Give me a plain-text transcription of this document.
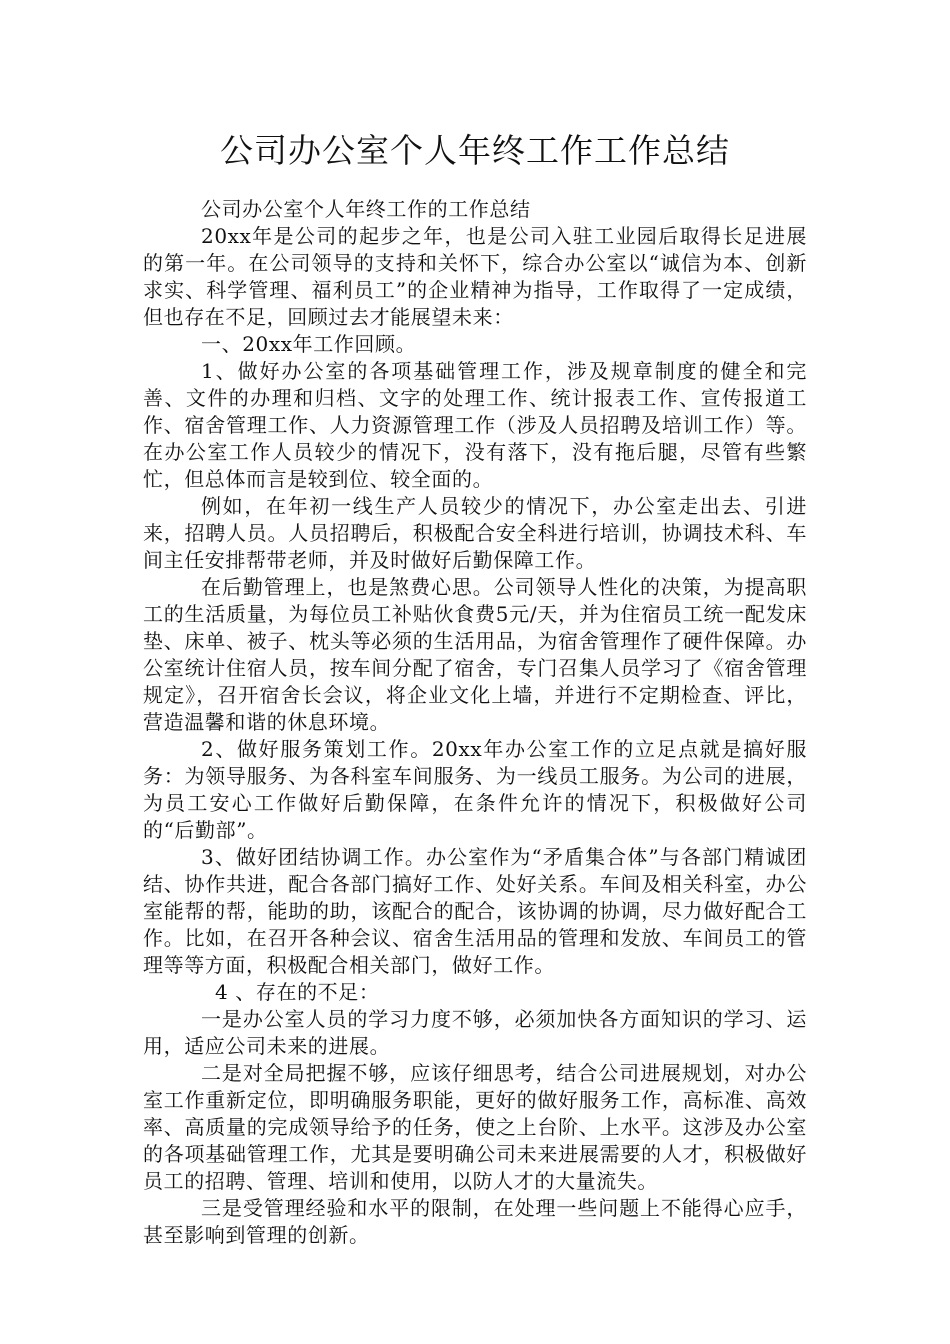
公司办公室个人年终工作工作总结

公司办公室个人年终工作的工作总结

20xx年是公司的起步之年，也是公司入驻工业园后取得长足进展的第一年。在公司领导的支持和关怀下，综合办公室以“诚信为本、创新求实、科学管理、福利员工”的企业精神为指导，工作取得了一定成绩，但也存在不足，回顾过去才能展望未来：

一、20xx年工作回顾。

1、做好办公室的各项基础管理工作，涉及规章制度的健全和完善、文件的办理和归档、文字的处理工作、统计报表工作、宣传报道工作、宿舍管理工作、人力资源管理工作（涉及人员招聘及培训工作）等。在办公室工作人员较少的情况下，没有落下，没有拖后腿，尽管有些繁忙，但总体而言是较到位、较全面的。

例如，在年初一线生产人员较少的情况下，办公室走出去、引进来，招聘人员。人员招聘后，积极配合安全科进行培训，协调技术科、车间主任安排帮带老师，并及时做好后勤保障工作。

在后勤管理上，也是煞费心思。公司领导人性化的决策，为提高职工的生活质量，为每位员工补贴伙食费5元/天，并为住宿员工统一配发床垫、床单、被子、枕头等必须的生活用品，为宿舍管理作了硬件保障。办公室统计住宿人员，按车间分配了宿舍，专门召集人员学习了《宿舍管理规定》，召开宿舍长会议，将企业文化上墙，并进行不定期检查、评比， 营造温馨和谐的休息环境。

2、做好服务策划工作。20xx年办公室工作的立足点就是搞好服务：为领导服务、为各科室车间服务、为一线员工服务。为公司的进展，为员工安心工作做好后勤保障，在条件允许的情况下，积极做好公司的“后勤部”。

3、做好团结协调工作。办公室作为“矛盾集合体”与各部门精诚团结、协作共进，配合各部门搞好工作、处好关系。车间及相关科室，办公室能帮的帮，能助的助，该配合的配合，该协调的协调，尽力做好配合工作。比如，在召开各种会议、宿舍生活用品的管理和发放、车间员工的管理等等方面，积极配合相关部门，做好工作。

4 、存在的不足：

一是办公室人员的学习力度不够，必须加快各方面知识的学习、运用，适应公司未来的进展。

二是对全局把握不够，应该仔细思考，结合公司进展规划，对办公室工作重新定位，即明确服务职能，更好的做好服务工作，高标准、高效率、高质量的完成领导给予的任务，使之上台阶、上水平。这涉及办公室的各项基础管理工作，尤其是要明确公司未来进展需要的人才，积极做好员工的招聘、管理、培训和使用，以防人才的大量流失。

三是受管理经验和水平的限制，在处理一些问题上不能得心应手，甚至影响到管理的创新。
